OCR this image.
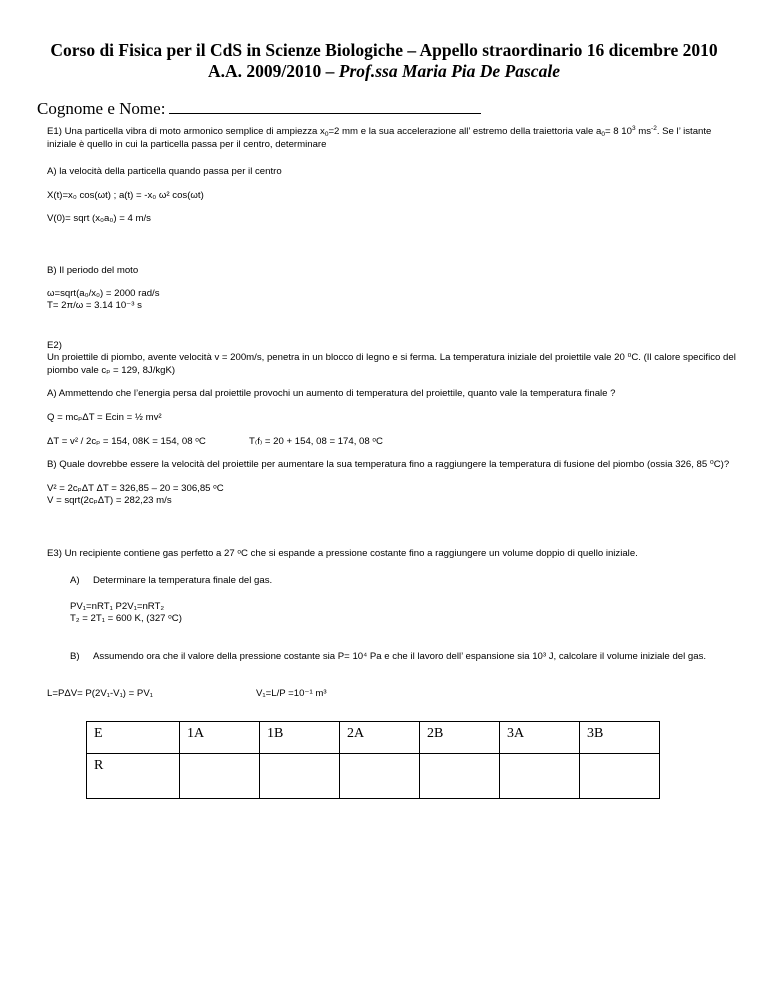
Corso di Fisica per il CdS in Scienze Biologiche – Appello straordinario 16 dicembre 2010
A.A. 2009/2010 – Prof.ssa Maria Pia De Pascale
Cognome e Nome:
E1) Una particella vibra di moto armonico semplice di ampiezza $x_0=2$ mm e la sua accelerazione all’ estremo della traiettoria vale $a_0= 8$ $10^3$ $ms^{-2}$. Se l’ istante iniziale è quello in cui la particella passa per il centro, determinare
A) la velocità della particella quando passa per il centro
X(t)=x₀ cos(ωt) ; a(t) = -x₀ ω² cos(ωt)
V(0)= sqrt (x₀a₀) = 4 m/s
B) Il periodo del moto
ω=sqrt(a₀/x₀) = 2000 rad/s
T= 2π/ω = 3.14 10⁻³ s
E2)
Un proiettile di piombo, avente velocità v = 200m/s, penetra in un blocco di legno e si ferma. La temperatura iniziale del proiettile vale 20 ⁰C. (Il calore specifico del piombo vale cₚ = 129, 8J/kgK)
A) Ammettendo che l’energia persa dal proiettile provochi un aumento di temperatura del proiettile, quanto vale la temperatura finale ?
Q = mcₚΔT = Ecin = ½ mv²
ΔT = v² / 2cₚ = 154, 08K = 154, 08 ᵒC	T₍f₎ = 20 + 154, 08 = 174, 08 ᵒC
B) Quale dovrebbe essere la velocità del proiettile per aumentare la sua temperatura fino a raggiungere la temperatura di fusione del piombo (ossia 326, 85 ⁰C)?
V² = 2cₚΔT ΔT = 326,85 – 20 = 306,85 ᵒC
V = sqrt(2cₚΔT) = 282,23 m/s
E3) Un recipiente contiene gas perfetto a 27 ᵒC che si espande a pressione costante fino a raggiungere un volume doppio di quello iniziale.
A) Determinare la temperatura finale del gas.
PV₁=nRT₁ P2V₁=nRT₂
T₂ = 2T₁ = 600 K, (327 ᵒC)
B) Assumendo ora che il valore della pressione costante sia P= 10⁴ Pa e che il lavoro dell’ espansione sia 10³ J, calcolare il volume iniziale del gas.
L=PΔV= P(2V₁-V₁) = PV₁	V₁=L/P =10⁻¹ m³
E	1A	1B	2A	2B	3A	3B
R						
